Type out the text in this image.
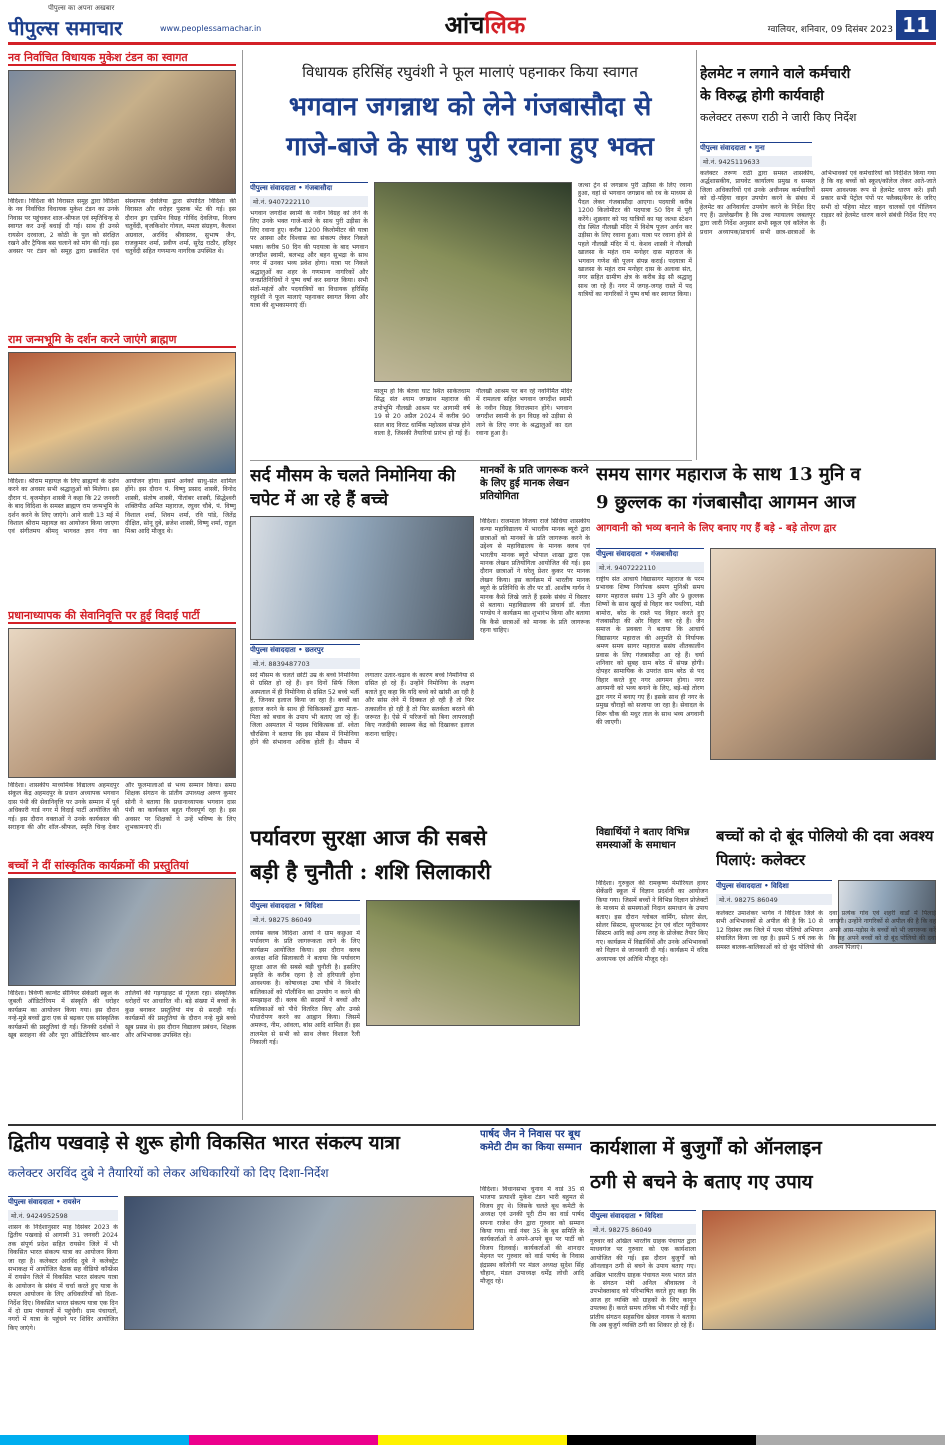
पीपुल्स का अपना अखबार
पीपुल्स समाचार	www.peoplessamachar.in	आंचलिक	ग्वालियर, शनिवार, 09 दिसंबर 2023 11
नव निर्वाचित विधायक मुकेश टंडन का स्वागत
विदिशा। विदिशा की विरासत समूह द्वारा विदिशा के नव निर्वाचित विधायक मुकेश टंडन का उनके निवास पर पहुंचकर शाल-श्रीफल एवं स्मृतिचिन्ह से स्वागत कर उन्हें बधाई दी गई। साथ ही उनसे रायसेन दरवाजा, 2 कोठी के पुल को संरक्षित रखने और ट्रैफिक बस चलाने को मांग की गई। इस अवसर पर टंडन को समूह द्वारा प्रकाशित एवं संस्थापक देवलिया द्वारा संपादित विदिशा की विरासत और धरोहर पुस्तक भेंट की गई। इस दौरान ड्रग एडमिन विग्रह गोविंद देवलिया, विजय चतुर्वेदी, बृजकिशोर गोयल, ममता संग्रहण, कैलाश अग्रवाल, अरविंद श्रीवास्तव, सुभाष जैन, राजकुमार शर्मा, प्रवीण शर्मा, सुरेंद्र राठौर, हरिहर चतुर्वेदी सहित गणमान्य नागरिक उपस्थित थे।
राम जन्मभूमि के दर्शन करने जाएंगे ब्राह्मण
विदिशा। श्रीराम महायज्ञ के लिए ब्राह्मणों के दर्शन करने का अवसर सभी श्रद्धालुओं को मिलेगा। इस दौरान पं. बृजमोहन शास्त्री ने कहा कि 22 जनवरी के बाद विदिशा के समस्त ब्राह्मण राम जन्मभूमि के दर्शन करने के लिए जाएंगे। आने वाली 13 मई में विशाल श्रीराम महायज्ञ का आयोजन किया जाएगा एवं संगीतमय श्रीमद् भागवत ज्ञान गंगा का आयोजन होगा। इसमें अनेकों साधु-संत शामिल होंगे। इस दौरान पं. विष्णु प्रसाद शास्त्री, विनोद शास्त्री, संतोष शास्त्री, पीतांबर शास्त्री, सिद्धेश्वरी शक्तिपीठ अमित महाराज, रघुवर चौबे, पं. विष्णु विशाल शर्मा, शिवम शर्मा, रवि पांडे, जितेंद्र दीक्षित, सोनू दुबे, ब्रजेश शास्त्री, विष्णु शर्मा, राहुल मिश्रा आदि मौजूद थे।
प्रधानाध्यापक की सेवानिवृत्ति पर हुई विदाई पार्टी
विदिशा। शासकीय माध्यमिक विद्यालय अहमदपुर संकुल केंद्र अहमदपुर के प्रधान अध्यापक भगवान दास पंथी की सेवानिवृत्ति पर उनके सम्मान में पूर्व अधिकारी गार्ड नगर में विदाई पार्टी आयोजित की गई। इस दौरान वक्ताओं ने उनके कार्यकाल की सराहना की और शॉल-श्रीफल, स्मृति चिन्ह देकर और फूलमालाओं से भव्य सम्मान किया। समग्र शिक्षक संगठन के प्रांतीय उपाध्यक्ष अरुण कुमार सोनी ने बताया कि प्रधानाध्यापक भगवान दास पंथी का कार्यकाल बहुत गौरवपूर्ण रहा है। इस अवसर पर शिक्षकों ने उन्हें भविष्य के लिए शुभकामनाएं दीं।
बच्चों ने दीं सांस्कृतिक कार्यक्रमों की प्रस्तुतियां
विदिशा। त्रिवेणी कान्वेंट सीनियर सेकेंडरी स्कूल के जुबली ऑडिटोरियम में संस्कृति की धरोहर कार्यक्रम का आयोजन किया गया। इस दौरान नन्हे-मुन्ने बच्चों द्वारा एक से बढ़कर एक सांस्कृतिक कार्यक्रमों की प्रस्तुतियां दी गईं। जिनकी दर्शकों ने खूब सराहना की और पूरा ऑडिटोरियम बार-बार तालियों की गड़गड़ाहट से गूंजता रहा। संस्कृतिक धरोहरों पर आधारित थी। बड़े संख्या में बच्चों के कुछ बनाकर प्रस्तुतियां मंच से सराही गईं। कार्यक्रमों की प्रस्तुतियां के दौरान नन्हे मुन्ने बच्चे खूब प्रसन्न थे। इस दौरान विद्यालय प्रबंधन, शिक्षक और अभिभावक उपस्थित रहे।
विधायक हरिसिंह रघुवंशी ने फूल मालाएं पहनाकर किया स्वागत
भगवान जगन्नाथ को लेने गंजबासौदा से
गाजे-बाजे के साथ पुरी रवाना हुए भक्त
पीपुल्स संवाददाता • गंजबासौदा
मो.नं. 9407222110
भगवान जगदीश स्वामी के नवीन विग्रह को लेने के लिए उनके भक्त गाजे-बाजे के साथ पुरी उड़ीसा के लिए रवाना हुए। करीब 1200 किलोमीटर की यात्रा पर आस्था और विश्वास का संकल्प लेकर निकले भक्त। करीब 50 दिन की पदयात्रा के बाद भगवान जगदीश स्वामी, बलभद्र और बहन सुभद्रा के साथ नगर में उनका भव्य प्रवेश होगा। यात्रा पर निकले श्रद्धालुओं का शहर के गणमान्य नागरिकों और जनप्रतिनिधियों ने पुष्प वर्षा कर स्वागत किया। सभी संतों-महंतों और पदयात्रियों का विधायक हरिसिंह रघुवंशी ने फूल मालाएं पहनाकर स्वागत किया और यात्रा की शुभकामनाएं दीं।
मालूम हो कि बेतवा घाट स्थित साकेतधाम सिद्ध संत श्याम जगन्नाथ महाराज की तपोभूमि नौलखी आश्रम पर आगामी वर्ष 19 से 20 अप्रैल 2024 में करीब 90 साल बाद विराट धार्मिक महोत्सव संपन्न होने वाला है, जिसकी तैयारियां प्रारंभ हो गई हैं। नौलखी आश्रम पर बन रहे नवनिर्मित मंदिर में रामलला सहित भगवान जगदीश स्वामी के नवीन विग्रह विराजमान होंगे। भगवान जगदीश स्वामी के इन विग्रह को उड़ीसा से लाने के लिए नगर के श्रद्धालुओं का दल रवाना हुआ है।
जत्था ट्रेन से जगन्नाथ पुरी उड़ीसा के लिए रवाना हुआ, वहां से भगवान जगन्नाथ को रथ के माध्यम से पैदल लेकर गंजबासौदा आएगा। पदयात्री करीब 1200 किलोमीटर की पदयात्रा 50 दिन में पूरी करेंगे। शुक्रवार को पद यात्रियों का यह जत्था स्टेशन रोड स्थित नौलखी मंदिर में विशेष पूजन अर्चन कर उड़ीसा के लिए रवाना हुआ। यात्रा पर रवाना होने से पहले नौलखी मंदिर में पं. केशव शास्त्री ने नौलखी खालसा के महंत राम मनोहर दास महाराज के भगवान गणेश की पूजन संपन्न कराई। पदयात्रा में खालसा के महंत राम मनोहर दास के अलावा संत, नगर सहित ग्रामीण क्षेत्र के करीब डेढ़ सौ श्रद्धालु साथ जा रहे हैं। नगर में जगह-जगह रास्ते में पद यात्रियों का नागरिकों ने पुष्प वर्षा कर स्वागत किया।
सर्द मौसम के चलते निमोनिया की चपेट में आ रहे हैं बच्चे
पीपुल्स संवाददाता • छतरपुर
मो.नं. 8839487703
सर्द मौसम के चलते छोटी उम्र के बच्चे निमोनिया से ग्रसित हो रहे हैं। इन दिनों सिर्फ जिला अस्पताल में ही निमोनिया से ग्रसित 52 बच्चे भर्ती हैं, जिनका इलाज किया जा रहा है। बच्चों का इलाज करने के साथ ही चिकित्सकों द्वारा माता-पिता को बचाव के उपाय भी बताए जा रहे हैं। जिला अस्पताल में पदस्थ चिकित्सक डॉ. श्वेता चौरसिया ने बताया कि इस मौसम में निमोनिया होने की संभावना अधिक होती है। मौसम में लगातार उतार-चढ़ाव के कारण बच्चे निमोनिया से ग्रसित हो रहे हैं। उन्होंने निमोनिया के लक्षण बताते हुए कहा कि यदि बच्चे को खांसी आ रही है और सांस लेने में दिक्कत हो रही है तो फिर तत्कालीन हो रही है तो फिर सतर्कता बरतने की जरूरत है। ऐसे में परिजनों को बिना लापरवाही किए नजदीकी स्वास्थ्य केंद्र को दिखाकर इलाज कराना चाहिए।
मानकों के प्रति जागरूक करने के लिए हुई मानक लेखन प्रतियोगिता
विदिशा। राजमाता विजया राजे सिंधिया शासकीय कन्या महाविद्यालय में भारतीय मानक ब्यूरो द्वारा छात्राओं को मानकों के प्रति जागरूक करने के उद्देश्य से महाविद्यालय के मानक क्लब एवं भारतीय मानक ब्यूरो भोपाल शाखा द्वारा एक मानक लेखन प्रतियोगिता आयोजित की गई। इस दौरान छात्राओं ने घरेलू प्रेशर कुकर पर मानक लेखन किया। इस कार्यक्रम में भारतीय मानक ब्यूरो के प्रतिनिधि के तौर पर डॉ. आशीष गार्गव ने मानक कैसे लिखे जाते हैं इसके संबंध में विस्तार से बताया। महाविद्यालय की प्राचार्य डॉ. नीता पाण्डेय ने कार्यक्रम का शुभारंभ किया और बताया कि कैसे छात्राओं को मानक के प्रति जागरूक रहना चाहिए।
समय सागर महाराज के साथ 13 मुनि व
9 छुल्लक का गंजबासौदा आगमन आज
आगवानी को भव्य बनाने के लिए बनाए गए हैं बड़े - बड़े तोरण द्वार
पीपुल्स संवाददाता • गंजबासौदा
मो.नं. 9407222110
राष्ट्रीय संत आचार्य विद्यासागर महाराज के परम प्रभावक शिष्य निर्यापक श्रमण मुनिश्री समय सागर महाराज ससंघ 13 मुनि और 9 छुल्लक शिष्यों के साथ खुरई से विहार कर पथरिया, मंडी बामोरा, बरेठ के रास्ते पद विहार करते हुए गंजबासौदा की ओर विहार कर रहे हैं। जैन समाज के प्रवक्ता ने बताया कि आचार्य विद्यासागर महाराज की अनुमति से निर्यापक श्रमण समय सागर महाराज ससंघ शीतकालीन प्रवास के लिए गंजबासौदा आ रहे हैं। चर्या शनिवार को सुबह ग्राम बरेठ में संपन्न होगी। दोपहर सामायिक के उपरांत ग्राम बरेठ से पद विहार करते हुए नगर आगमन होगा। नगर आगमनी को भव्य बनाने के लिए, बड़े-बड़े तोरण द्वार नगर में बनाए गए हैं। इसके साथ ही नगर के प्रमुख चौराहों को सजाया जा रहा है। सेवादल के शिरू चौक की मधुर ताल के साथ भव्य अगवानी की जाएगी।
हेलमेट न लगाने वाले कर्मचारी
के विरुद्ध होगी कार्यवाही
कलेक्टर तरूण राठी ने जारी किए निर्देश
पीपुल्स संवाददाता • गुना
मो.नं. 9425119633
कलेक्टर तरूण राठी द्वारा समस्त शासकीय, अर्द्धशासकीय, प्रायवेट कार्यालय प्रमुख व समस्त जिला अधिकारियों एवं उनके अधीनस्थ कर्मचारियों को दो-पहिया वाहन उपयोग करने के संबंध में हेलमेट का अनिवार्यतः उपयोग करने के निर्देश दिए गए हैं। उल्लेखनीय है कि उच्च न्यायालय जबलपुर द्वारा जारी निर्देश अनुसार सभी स्कूल एवं कॉलेज के प्रधान अध्यापक/प्राचार्य सभी छात्र-छात्राओं के अभिभावकों एवं कर्मचारियों को निर्देशित किया गया है कि वह बच्चों को स्कूल/कॉलेज लेकर आते-जाते समय आवश्यक रूप से हेलमेट धारण करें। इसी प्रकार सभी पेट्रोल पंपों पर फ्लैक्स/बैनर के जरिए सभी दो पहिया मोटर वाहन चालकों एवं पीलियन राइडर को हेलमेट धारण करने संबंधी निर्देश दिए गए हैं।
पर्यावरण सुरक्षा आज की सबसे
बड़ी है चुनौती : शशि सिलाकारी
पीपुल्स संवाददाता • विदिशा
मो.नं. 98275 86049
लायंस क्लब विदिशा आर्या ने ग्राम कछुआ में पर्यावरण के प्रति जागरूकता लाने के लिए कार्यक्रम आयोजित किया। इस दौरान क्लब अध्यक्ष शशि सिलाकारी ने बताया कि पर्यावरण सुरक्षा आज की सबसे बड़ी चुनौती है। इसलिए प्रकृति के करीब रहना है तो हरियाली होना आवश्यक है। कोषाध्यक्ष उषा चौबे ने किशोर बालिकाओं को पॉलीथिन का उपयोग न करने की समझाइश दी। क्लब की सदस्यों ने बच्चों और बालिकाओं को पौधे वितरित किए और उनसे पौधारोपण करने का आह्वान किया। जिसमें अमरूद, नीम, आंवला, बांस आदि शामिल हैं। इस तालमेल से सभी को साथ लेकर विशाल रैली निकाली गई।
विद्यार्थियों ने बताए विभिन्न समस्याओं के समाधान
विदिशा। गुरुकुल की रामकृष्ण मेमोरियल हायर सेकेंडरी स्कूल में विज्ञान प्रदर्शनी का आयोजन किया गया। जिसमें बच्चों ने विभिन्न विज्ञान प्रोजेक्टों के माध्यम से समस्याओं निदान समाधान के उपाय बताए। इस दौरान ग्लोबल वार्मिंग, सोलर सेल, सोलर सिस्टम, सुपरफास्ट ट्रेन एवं वॉटर प्यूरीफायर सिस्टम आदि कई अन्य तरह के प्रोजेक्ट तैयार किए गए। कार्यक्रम में विद्यार्थियों और उनके अभिभावकों को विज्ञान से जानकारी दी गई। कार्यक्रम में वरिष्ठ अध्यापक एवं अतिथि मौजूद रहे।
बच्चों को दो बूंद पोलियो की दवा अवश्य पिलाएं: कलेक्टर
पीपुल्स संवाददाता • विदिशा
मो.नं. 98275 86049
कलेक्टर उमाशंकर भार्गव ने विदिशा जिले के सभी अभिभावकों से अपील की है कि 10 से 12 दिसंबर तक जिले में पल्स पोलियो अभियान संचालित किया जा रहा है। इसमें 5 वर्ष तक के समस्त बालक-बालिकाओं को दो बूंद पोलियो की दवा प्रत्येक गांव एवं शहरी वार्डों में पिलाई जाएगी। उन्होंने नागरिकों से अपील की है कि वह अपने आस-पड़ोस के बच्चों को भी जागरूक करें कि वह अपने बच्चों को दो बूंद पोलियो की दवा अवश्य पिलाएं।
द्वितीय पखवाड़े से शुरू होगी विकसित भारत संकल्प यात्रा
कलेक्टर अरविंद दुबे ने तैयारियों को लेकर अधिकारियों को दिए दिशा-निर्देश
पीपुल्स संवाददाता • रायसेन
मो.नं. 9424952598
शासन के निर्देशानुसार माह दिसंबर 2023 के द्वितीय पखवाड़े से आगामी 31 जनवरी 2024 तक संपूर्ण प्रदेश सहित रायसेन जिले में भी विकसित भारत संकल्प यात्रा का आयोजन किया जा रहा है। कलेक्टर अरविंद दुबे ने कलेक्ट्रेट सभाकक्ष में आयोजित बैठक सह वीडियो कॉन्फ्रेंस में रायसेन जिले में विकसित भारत संकल्प यात्रा के आयोजन के संबंध में चर्चा करते हुए यात्रा के सफल आयोजन के लिए अधिकारियों को दिशा-निर्देश दिए। विकसित भारत संकल्प यात्रा एक दिन में दो ग्राम पंचायतों में पहुंचेगी। ग्राम पंचायतों, नगरों में यात्रा के पहुंचने पर शिविर आयोजित किए जाएंगे।
पार्षद जैन ने निवास पर बूथ कमेटी टीम का किया सम्मान
विदिशा। विधानसभा चुनाव में वार्ड 35 से भाजपा प्रत्याशी मुकेश टंडन भारी बहुमत से विजय हुए थे। जिसके चलते बूथ कमेटी के अध्यक्ष एवं उनकी पूरी टीम का वार्ड पार्षद सपना राजेश जैन द्वारा गुरुवार को सम्मान किया गया। वार्ड नंबर 35 के बूथ समिति के कार्यकर्ताओं ने अपने-अपने बूथ पर पार्टी को विजय दिलवाई। कार्यकर्ताओं की शानदार मेहनत पर गुरुवार को वार्ड पार्षद के निवास इंद्रप्रस्थ कॉलोनी पर मंडल अध्यक्ष सुदेश सिंह चौहान, मंडल उपाध्यक्ष धर्मेंद्र लोधी आदि मौजूद रहे।
कार्यशाला में बुजुर्गों को ऑनलाइन
ठगी से बचने के बताए गए उपाय
पीपुल्स संवाददाता • विदिशा
मो.नं. 98275 86049
गुरुवार को अखिल भारतीय ग्राहक पंचायत द्वारा माधवगंज पर गुरुवार को एक कार्यशाला आयोजित की गई। इस दौरान बुजुर्गों को ऑनलाइन ठगी से बचने के उपाय बताए गए। अखिल भारतीय ग्राहक पंचायत मध्य भारत प्रांत के संगठन मंत्री अनिल श्रीवास्तव ने उपभोक्ताबाद को परिभाषित करते हुए कहा कि आज हर व्यक्ति को ग्राहकों के लिए कानून उपलब्ध हैं। करते समय तनिक भी गंभीर नहीं है। प्रांतीय संगठन सहसचिव खेवल नायक ने बताया कि अब बुजुर्ग व्यक्ति ठगी का शिकार हो रहे हैं।
